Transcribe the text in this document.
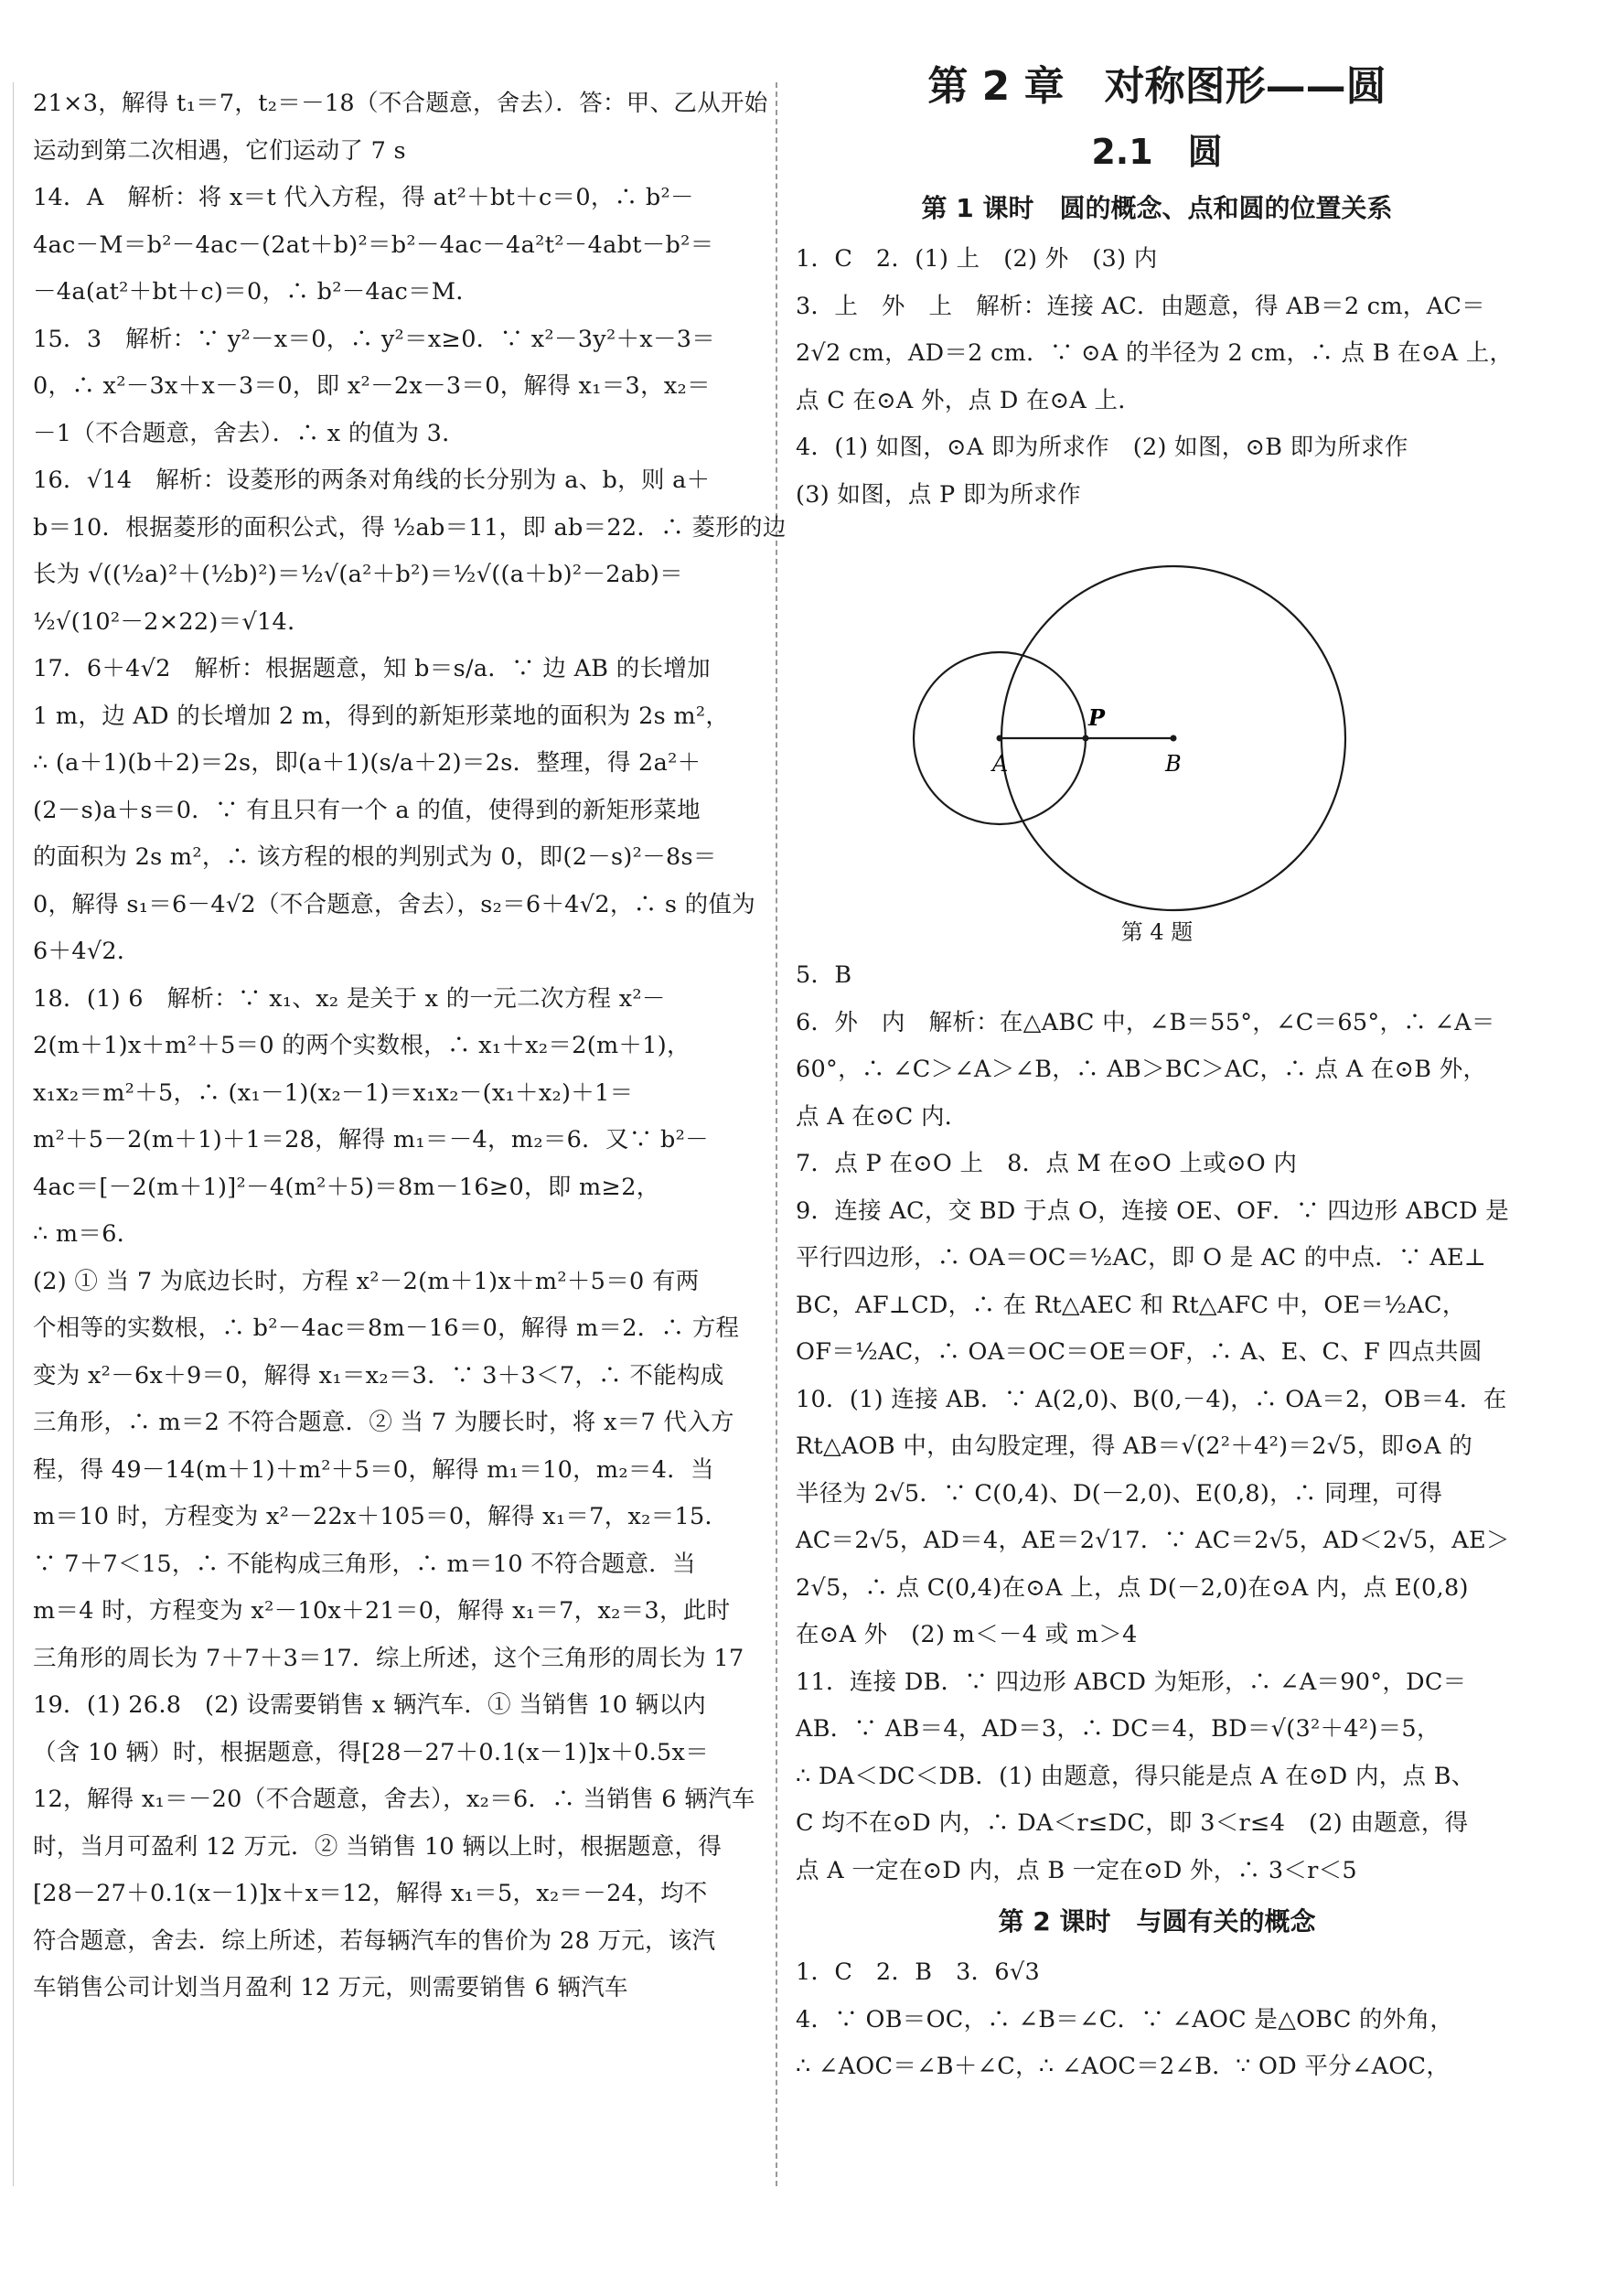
21×3，解得 t₁＝7，t₂＝－18（不合题意，舍去）．答：甲、乙从开始

运动到第二次相遇，它们运动了 7 s

14．A　解析：将 x＝t 代入方程，得 at²＋bt＋c＝0，∴ b²－

4ac－M＝b²－4ac－(2at＋b)²＝b²－4ac－4a²t²－4abt－b²＝

－4a(at²＋bt＋c)＝0，∴ b²－4ac＝M．

15．3　解析：∵ y²－x＝0，∴ y²＝x≥0．∵ x²－3y²＋x－3＝

0，∴ x²－3x＋x－3＝0，即 x²－2x－3＝0，解得 x₁＝3，x₂＝

－1（不合题意，舍去）．∴ x 的值为 3．

16．√14　解析：设菱形的两条对角线的长分别为 a、b，则 a＋

b＝10．根据菱形的面积公式，得 ½ab＝11，即 ab＝22．∴ 菱形的边

长为 √((½a)²＋(½b)²)＝½√(a²＋b²)＝½√((a＋b)²－2ab)＝

½√(10²－2×22)＝√14．

17．6＋4√2　解析：根据题意，知 b＝s/a．∵ 边 AB 的长增加

1 m，边 AD 的长增加 2 m，得到的新矩形菜地的面积为 2s m²，

∴ (a＋1)(b＋2)＝2s，即(a＋1)(s/a＋2)＝2s．整理，得 2a²＋

(2－s)a＋s＝0．∵ 有且只有一个 a 的值，使得到的新矩形菜地

的面积为 2s m²，∴ 该方程的根的判别式为 0，即(2－s)²－8s＝

0，解得 s₁＝6－4√2（不合题意，舍去），s₂＝6＋4√2，∴ s 的值为

6＋4√2．

18．(1) 6　解析：∵ x₁、x₂ 是关于 x 的一元二次方程 x²－

2(m＋1)x＋m²＋5＝0 的两个实数根，∴ x₁＋x₂＝2(m＋1)，

x₁x₂＝m²＋5，∴ (x₁－1)(x₂－1)＝x₁x₂－(x₁＋x₂)＋1＝

m²＋5－2(m＋1)＋1＝28，解得 m₁＝－4，m₂＝6．又∵ b²－

4ac＝[－2(m＋1)]²－4(m²＋5)＝8m－16≥0，即 m≥2，

∴ m＝6．

(2) ① 当 7 为底边长时，方程 x²－2(m＋1)x＋m²＋5＝0 有两

个相等的实数根，∴ b²－4ac＝8m－16＝0，解得 m＝2．∴ 方程

变为 x²－6x＋9＝0，解得 x₁＝x₂＝3．∵ 3＋3＜7，∴ 不能构成

三角形，∴ m＝2 不符合题意．② 当 7 为腰长时，将 x＝7 代入方

程，得 49－14(m＋1)＋m²＋5＝0，解得 m₁＝10，m₂＝4．当

m＝10 时，方程变为 x²－22x＋105＝0，解得 x₁＝7，x₂＝15．

∵ 7＋7＜15，∴ 不能构成三角形，∴ m＝10 不符合题意．当

m＝4 时，方程变为 x²－10x＋21＝0，解得 x₁＝7，x₂＝3，此时

三角形的周长为 7＋7＋3＝17．综上所述，这个三角形的周长为 17

19．(1) 26.8　(2) 设需要销售 x 辆汽车．① 当销售 10 辆以内

（含 10 辆）时，根据题意，得[28－27＋0.1(x－1)]x＋0.5x＝

12，解得 x₁＝－20（不合题意，舍去），x₂＝6．∴ 当销售 6 辆汽车

时，当月可盈利 12 万元．② 当销售 10 辆以上时，根据题意，得

[28－27＋0.1(x－1)]x＋x＝12，解得 x₁＝5，x₂＝－24，均不

符合题意，舍去．综上所述，若每辆汽车的售价为 28 万元，该汽

车销售公司计划当月盈利 12 万元，则需要销售 6 辆汽车

第 2 章　对称图形——圆
2.1　圆
第 1 课时　圆的概念、点和圆的位置关系

1．C　2．(1) 上　(2) 外　(3) 内

3．上　外　上　解析：连接 AC．由题意，得 AB＝2 cm，AC＝

2√2 cm，AD＝2 cm．∵ ⊙A 的半径为 2 cm，∴ 点 B 在⊙A 上，

点 C 在⊙A 外，点 D 在⊙A 上．

4．(1) 如图，⊙A 即为所求作　(2) 如图，⊙B 即为所求作

(3) 如图，点 P 即为所求作

A	B
P
第 4 题

5．B

6．外　内　解析：在△ABC 中，∠B＝55°，∠C＝65°，∴ ∠A＝

60°，∴ ∠C＞∠A＞∠B，∴ AB＞BC＞AC，∴ 点 A 在⊙B 外，

点 A 在⊙C 内．

7．点 P 在⊙O 上　8．点 M 在⊙O 上或⊙O 内

9．连接 AC，交 BD 于点 O，连接 OE、OF．∵ 四边形 ABCD 是

平行四边形，∴ OA＝OC＝½AC，即 O 是 AC 的中点．∵ AE⊥

BC，AF⊥CD，∴ 在 Rt△AEC 和 Rt△AFC 中，OE＝½AC，

OF＝½AC，∴ OA＝OC＝OE＝OF，∴ A、E、C、F 四点共圆

10．(1) 连接 AB．∵ A(2,0)、B(0,－4)，∴ OA＝2，OB＝4．在

Rt△AOB 中，由勾股定理，得 AB＝√(2²＋4²)＝2√5，即⊙A 的

半径为 2√5．∵ C(0,4)、D(－2,0)、E(0,8)，∴ 同理，可得

AC＝2√5，AD＝4，AE＝2√17．∵ AC＝2√5，AD＜2√5，AE＞

2√5，∴ 点 C(0,4)在⊙A 上，点 D(－2,0)在⊙A 内，点 E(0,8)

在⊙A 外　(2) m＜－4 或 m＞4

11．连接 DB．∵ 四边形 ABCD 为矩形，∴ ∠A＝90°，DC＝

AB．∵ AB＝4，AD＝3，∴ DC＝4，BD＝√(3²＋4²)＝5，

∴ DA＜DC＜DB．(1) 由题意，得只能是点 A 在⊙D 内，点 B、

C 均不在⊙D 内，∴ DA＜r≤DC，即 3＜r≤4　(2) 由题意，得

点 A 一定在⊙D 内，点 B 一定在⊙D 外，∴ 3＜r＜5

第 2 课时　与圆有关的概念

1．C　2．B　3．6√3

4．∵ OB＝OC，∴ ∠B＝∠C．∵ ∠AOC 是△OBC 的外角，

∴ ∠AOC＝∠B＋∠C，∴ ∠AOC＝2∠B．∵ OD 平分∠AOC，
